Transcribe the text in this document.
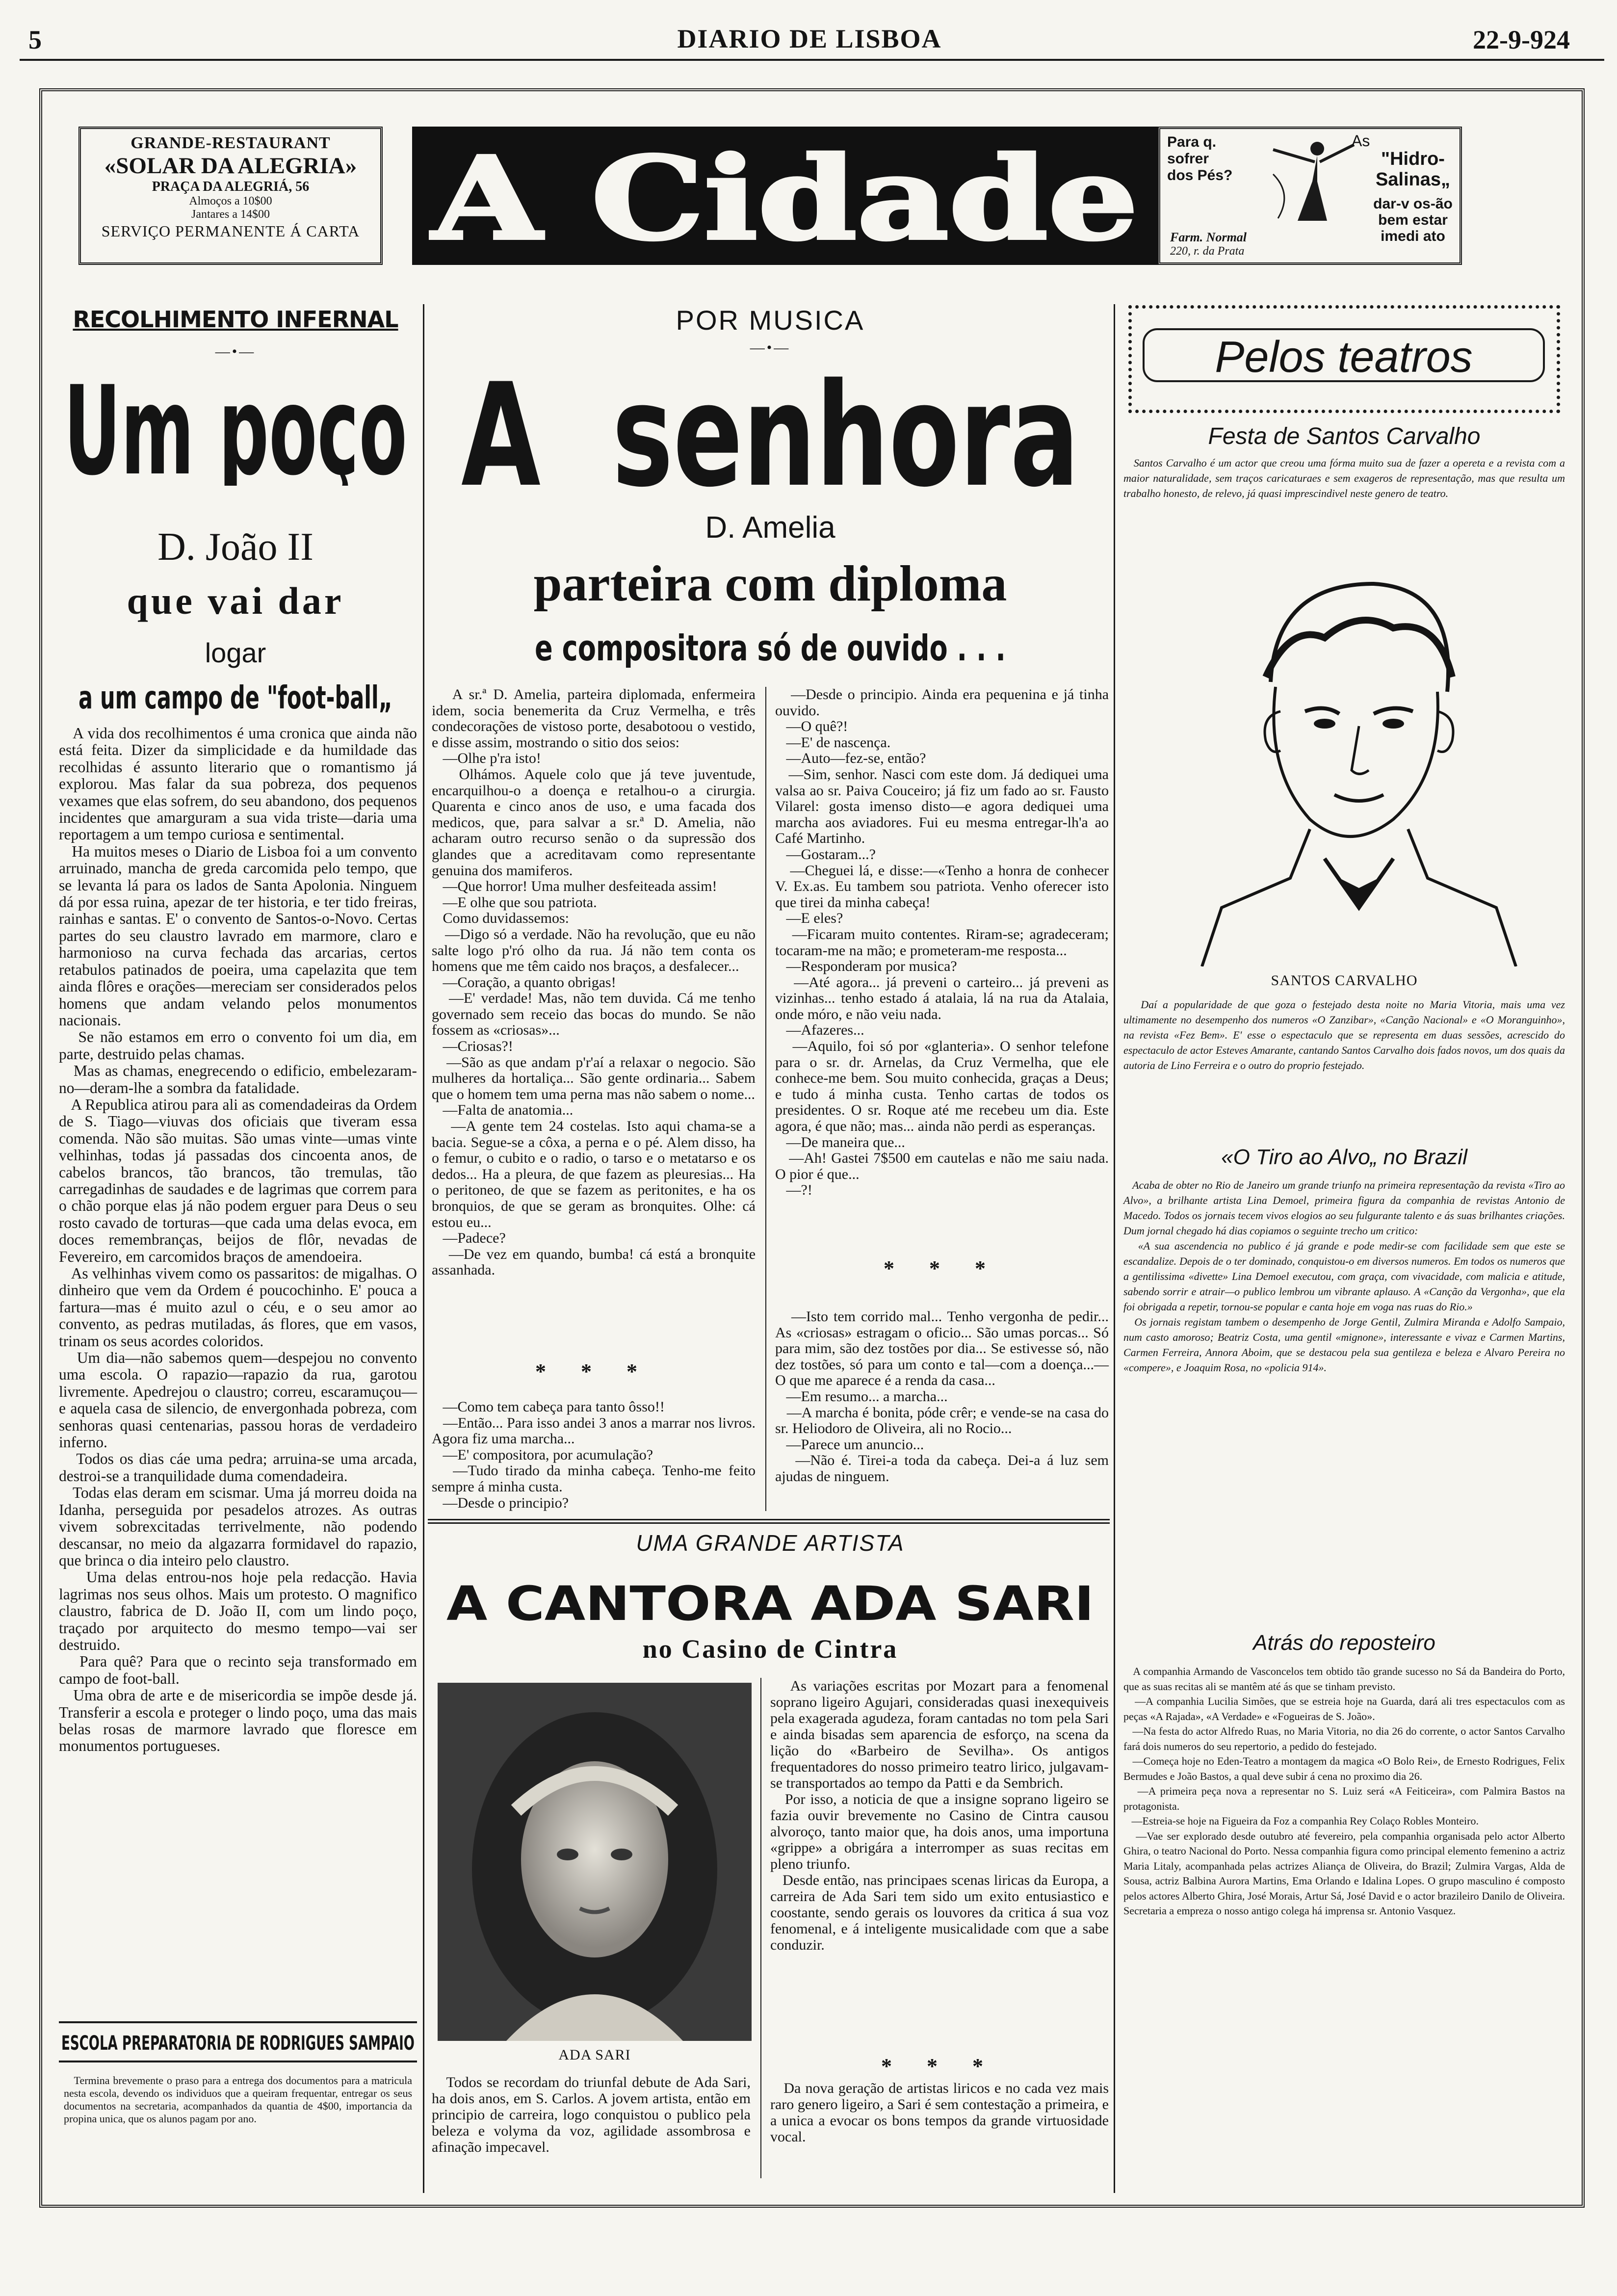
5	DIARIO DE LISBOA	22-9-924
GRANDE-RESTAURANT
«SOLAR DA ALEGRIA»
PRAÇA DA ALEGRIÁ, 56
Almoços a 10$00
Jantares a 14$00
SERVIÇO PERMANENTE Á CARTA A Cidade Para q.
sofrer
dos Pés?
As
"Hidro-
Salinas„
dar-v os-ão
bem estar
imedi ato
Farm. Normal
220, r. da Prata
RECOLHIMENTO INFERNAL
—•—
Um poço
D. João II
que vai dar
logar
a um campo de "foot-ball„

A vida dos recolhimentos é uma cronica que ainda não está feita. Dizer da simplicidade e da humildade das recolhidas é assunto literario que o romantismo já explorou. Mas falar da sua pobreza, dos pequenos vexames que elas sofrem, do seu abandono, dos pequenos incidentes que amarguram a sua vida triste—daria uma reportagem a um tempo curiosa e sentimental.
Ha muitos meses o Diario de Lisboa foi a um convento arruinado, mancha de greda carcomida pelo tempo, que se levanta lá para os lados de Santa Apolonia. Ninguem dá por essa ruina, apezar de ter historia, e ter tido freiras, rainhas e santas. E' o convento de Santos-o-Novo. Certas partes do seu claustro lavrado em marmore, claro e harmonioso na curva fechada das arcarias, certos retabulos patinados de poeira, uma capelazita que tem ainda flôres e orações—mereciam ser considerados pelos homens que andam velando pelos monumentos nacionais.
Se não estamos em erro o convento foi um dia, em parte, destruido pelas chamas.
Mas as chamas, enegrecendo o edificio, embelezaram-no—deram-lhe a sombra da fatalidade.
A Republica atirou para ali as comendadeiras da Ordem de S. Tiago—viuvas dos oficiais que tiveram essa comenda. Não são muitas. São umas vinte—umas vinte velhinhas, todas já passadas dos cincoenta anos, de cabelos brancos, tão brancos, tão tremulas, tão carregadinhas de saudades e de lagrimas que correm para o chão porque elas já não podem erguer para Deus o seu rosto cavado de torturas—que cada uma delas evoca, em doces remembranças, beijos de flôr, nevadas de Fevereiro, em carcomidos braços de amendoeira.
As velhinhas vivem como os passaritos: de migalhas. O dinheiro que vem da Ordem é poucochinho. E' pouca a fartura—mas é muito azul o céu, e o seu amor ao convento, as pedras mutiladas, ás flores, que em vasos, trinam os seus acordes coloridos.
Um dia—não sabemos quem—despejou no convento uma escola. O rapazio—rapazio da rua, garotou livremente. Apedrejou o claustro; correu, escaramuçou—e aquela casa de silencio, de envergonhada pobreza, com senhoras quasi centenarias, passou horas de verdadeiro inferno.
Todos os dias cáe uma pedra; arruina-se uma arcada, destroi-se a tranquilidade duma comendadeira.
Todas elas deram em scismar. Uma já morreu doida na Idanha, perseguida por pesadelos atrozes. As outras vivem sobrexcitadas terrivelmente, não podendo descansar, no meio da algazarra formidavel do rapazio, que brinca o dia inteiro pelo claustro.
Uma delas entrou-nos hoje pela redacção. Havia lagrimas nos seus olhos. Mais um protesto. O magnifico claustro, fabrica de D. João II, com um lindo poço, traçado por arquitecto do mesmo tempo—vai ser destruido.
Para quê? Para que o recinto seja transformado em campo de foot-ball.
Uma obra de arte e de misericordia se impõe desde já. Transferir a escola e proteger o lindo poço, uma das mais belas rosas de marmore lavrado que floresce em monumentos portugueses.

ESCOLA PREPARATORIA DE RODRIGUES SAMPAIO

Termina brevemente o praso para a entrega dos documentos para a matricula nesta escola, devendo os individuos que a queiram frequentar, entregar os seus documentos na secretaria, acompanhados da quantia de 4$00, importancia da propina unica, que os alunos pagam por ano.

POR MUSICA
—•—
A  senhora
D. Amelia
parteira com diploma
e compositora só de ouvido . . .

A sr.ª D. Amelia, parteira diplomada, enfermeira idem, socia benemerita da Cruz Vermelha, e três condecorações de vistoso porte, desabotoou o vestido, e disse assim, mostrando o sitio dos seios:
—Olhe p'ra isto!
Olhámos. Aquele colo que já teve juventude, encarquilhou-o a doença e retalhou-o a cirurgia. Quarenta e cinco anos de uso, e uma facada dos medicos, que, para salvar a sr.ª D. Amelia, não acharam outro recurso senão o da supressão dos glandes que a acreditavam como representante genuina dos mamiferos.
—Que horror! Uma mulher desfeiteada assim!
—E olhe que sou patriota.
Como duvidassemos:
—Digo só a verdade. Não ha revolução, que eu não salte logo p'ró olho da rua. Já não tem conta os homens que me têm caido nos braços, a desfalecer...
—Coração, a quanto obrigas!
—E' verdade! Mas, não tem duvida. Cá me tenho governado sem receio das bocas do mundo. Se não fossem as «criosas»...
—Criosas?!
—São as que andam p'r'aí a relaxar o negocio. São mulheres da hortaliça... São gente ordinaria... Sabem que o homem tem uma perna mas não sabem o nome...
—Falta de anatomia...
—A gente tem 24 costelas. Isto aqui chama-se a bacia. Segue-se a côxa, a perna e o pé. Alem disso, ha o femur, o cubito e o radio, o tarso e o metatarso e os dedos... Ha a pleura, de que fazem as pleuresias... Ha o peritoneo, de que se fazem as peritonites, e ha os bronquios, de que se geram as bronquites. Olhe: cá estou eu...
—Padece?
—De vez em quando, bumba! cá está a bronquite assanhada.

* * *

—Como tem cabeça para tanto ôsso!!
—Então... Para isso andei 3 anos a marrar nos livros. Agora fiz uma marcha...
—E' compositora, por acumulação?
—Tudo tirado da minha cabeça. Tenho-me feito sempre á minha custa.
—Desde o principio?

—Desde o principio. Ainda era pequenina e já tinha ouvido.
—O quê?!
—E' de nascença.
—Auto—fez-se, então?
—Sim, senhor. Nasci com este dom. Já dediquei uma valsa ao sr. Paiva Couceiro; já fiz um fado ao sr. Fausto Vilarel: gosta imenso disto—e agora dediquei uma marcha aos aviadores. Fui eu mesma entregar-lh'a ao Café Martinho.
—Gostaram...?
—Cheguei lá, e disse:—«Tenho a honra de conhecer V. Ex.as. Eu tambem sou patriota. Venho oferecer isto que tirei da minha cabeça!
—E eles?
—Ficaram muito contentes. Riram-se; agradeceram; tocaram-me na mão; e prometeram-me resposta...
—Responderam por musica?
—Até agora... já preveni o carteiro... já preveni as vizinhas... tenho estado á atalaia, lá na rua da Atalaia, onde móro, e não veiu nada.
—Afazeres...
—Aquilo, foi só por «glanteria». O senhor telefone para o sr. dr. Arnelas, da Cruz Vermelha, que ele conhece-me bem. Sou muito conhecida, graças a Deus; e tudo á minha custa. Tenho cartas de todos os presidentes. O sr. Roque até me recebeu um dia. Este agora, é que não; mas... ainda não perdi as esperanças.
—De maneira que...
—Ah! Gastei 7$500 em cautelas e não me saiu nada. O pior é que...
—?!

* * *

—Isto tem corrido mal... Tenho vergonha de pedir... As «criosas» estragam o oficio... São umas porcas... Só para mim, são dez tostões por dia... Se estivesse só, não dez tostões, só para um conto e tal—com a doença...—O que me aparece é a renda da casa...
—Em resumo... a marcha...
—A marcha é bonita, póde crêr; e vende-se na casa do sr. Heliodoro de Oliveira, ali no Rocio...
—Parece um anuncio...
—Não é. Tirei-a toda da cabeça. Dei-a á luz sem ajudas de ninguem.

UMA GRANDE ARTISTA
A CANTORA ADA SARI
no Casino de Cintra
ADA SARI

Todos se recordam do triunfal debute de Ada Sari, ha dois anos, em S. Carlos. A jovem artista, então em principio de carreira, logo conquistou o publico pela beleza e volyma da voz, agilidade assombrosa e afinação impecavel.

As variações escritas por Mozart para a fenomenal soprano ligeiro Agujari, consideradas quasi inexequiveis pela exagerada agudeza, foram cantadas no tom pela Sari e ainda bisadas sem aparencia de esforço, na scena da lição do «Barbeiro de Sevilha». Os antigos frequentadores do nosso primeiro teatro lirico, julgavam-se transportados ao tempo da Patti e da Sembrich.
Por isso, a noticia de que a insigne soprano ligeiro se fazia ouvir brevemente no Casino de Cintra causou alvoroço, tanto maior que, ha dois anos, uma importuna «grippe» a obrigára a interromper as suas recitas em pleno triunfo.
Desde então, nas principaes scenas liricas da Europa, a carreira de Ada Sari tem sido um exito entusiastico e coostante, sendo gerais os louvores da critica á sua voz fenomenal, e á inteligente musicalidade com que a sabe conduzir.

* * *

Da nova geração de artistas liricos e no cada vez mais raro genero ligeiro, a Sari é sem contestação a primeira, e a unica a evocar os bons tempos da grande virtuosidade vocal.

Pelos teatros
Festa de Santos Carvalho

Santos Carvalho é um actor que creou uma fórma muito sua de fazer a opereta e a revista com a maior naturalidade, sem traços caricaturaes e sem exageros de representação, mas que resulta um trabalho honesto, de relevo, já quasi imprescindivel neste genero de teatro.

SANTOS CARVALHO

Daí a popularidade de que goza o festejado desta noite no Maria Vitoria, mais uma vez ultimamente no desempenho dos numeros «O Zanzibar», «Canção Nacional» e «O Moranguinho», na revista «Fez Bem». E' esse o espectaculo que se representa em duas sessões, acrescido do espectaculo de actor Esteves Amarante, cantando Santos Carvalho dois fados novos, um dos quais da autoria de Lino Ferreira e o outro do proprio festejado.

«O Tiro ao Alvo„ no Brazil

Acaba de obter no Rio de Janeiro um grande triunfo na primeira representação da revista «Tiro ao Alvo», a brilhante artista Lina Demoel, primeira figura da companhia de revistas Antonio de Macedo. Todos os jornais tecem vivos elogios ao seu fulgurante talento e ás suas brilhantes criações. Dum jornal chegado há dias copiamos o seguinte trecho um critico:
«A sua ascendencia no publico é já grande e pode medir-se com facilidade sem que este se escandalize. Depois de o ter dominado, conquistou-o em diversos numeros. Em todos os numeros que a gentilissima «divette» Lina Demoel executou, com graça, com vivacidade, com malicia e atitude, sabendo sorrir e atrair—o publico lembrou um vibrante aplauso. A «Canção da Vergonha», que ela foi obrigada a repetir, tornou-se popular e canta hoje em voga nas ruas do Rio.»
Os jornais registam tambem o desempenho de Jorge Gentil, Zulmira Miranda e Adolfo Sampaio, num casto amoroso; Beatriz Costa, uma gentil «mignone», interessante e vivaz e Carmen Martins, Carmen Ferreira, Annora Aboim, que se destacou pela sua gentileza e beleza e Alvaro Pereira no «compere», e Joaquim Rosa, no «policia 914».

Atrás do reposteiro

A companhia Armando de Vasconcelos tem obtido tão grande sucesso no Sá da Bandeira do Porto, que as suas recitas ali se mantêm até ás que se tinham previsto.
—A companhia Lucilia Simões, que se estreia hoje na Guarda, dará ali tres espectaculos com as peças «A Rajada», «A Verdade» e «Fogueiras de S. João».
—Na festa do actor Alfredo Ruas, no Maria Vitoria, no dia 26 do corrente, o actor Santos Carvalho fará dois numeros do seu repertorio, a pedido do festejado.
—Começa hoje no Eden-Teatro a montagem da magica «O Bolo Rei», de Ernesto Rodrigues, Felix Bermudes e João Bastos, a qual deve subir á cena no proximo dia 26.
—A primeira peça nova a representar no S. Luiz será «A Feiticeira», com Palmira Bastos na protagonista.
—Estreia-se hoje na Figueira da Foz a companhia Rey Colaço Robles Monteiro.
—Vae ser explorado desde outubro até fevereiro, pela companhia organisada pelo actor Alberto Ghira, o teatro Nacional do Porto. Nessa companhia figura como principal elemento femenino a actriz Maria Litaly, acompanhada pelas actrizes Aliança de Oliveira, do Brazil; Zulmira Vargas, Alda de Sousa, actriz Balbina Aurora Martins, Ema Orlando e Idalina Lopes. O grupo masculino é composto pelos actores Alberto Ghira, José Morais, Artur Sá, José David e o actor brazileiro Danilo de Oliveira. Secretaria a empreza o nosso antigo colega há imprensa sr. Antonio Vasquez.
